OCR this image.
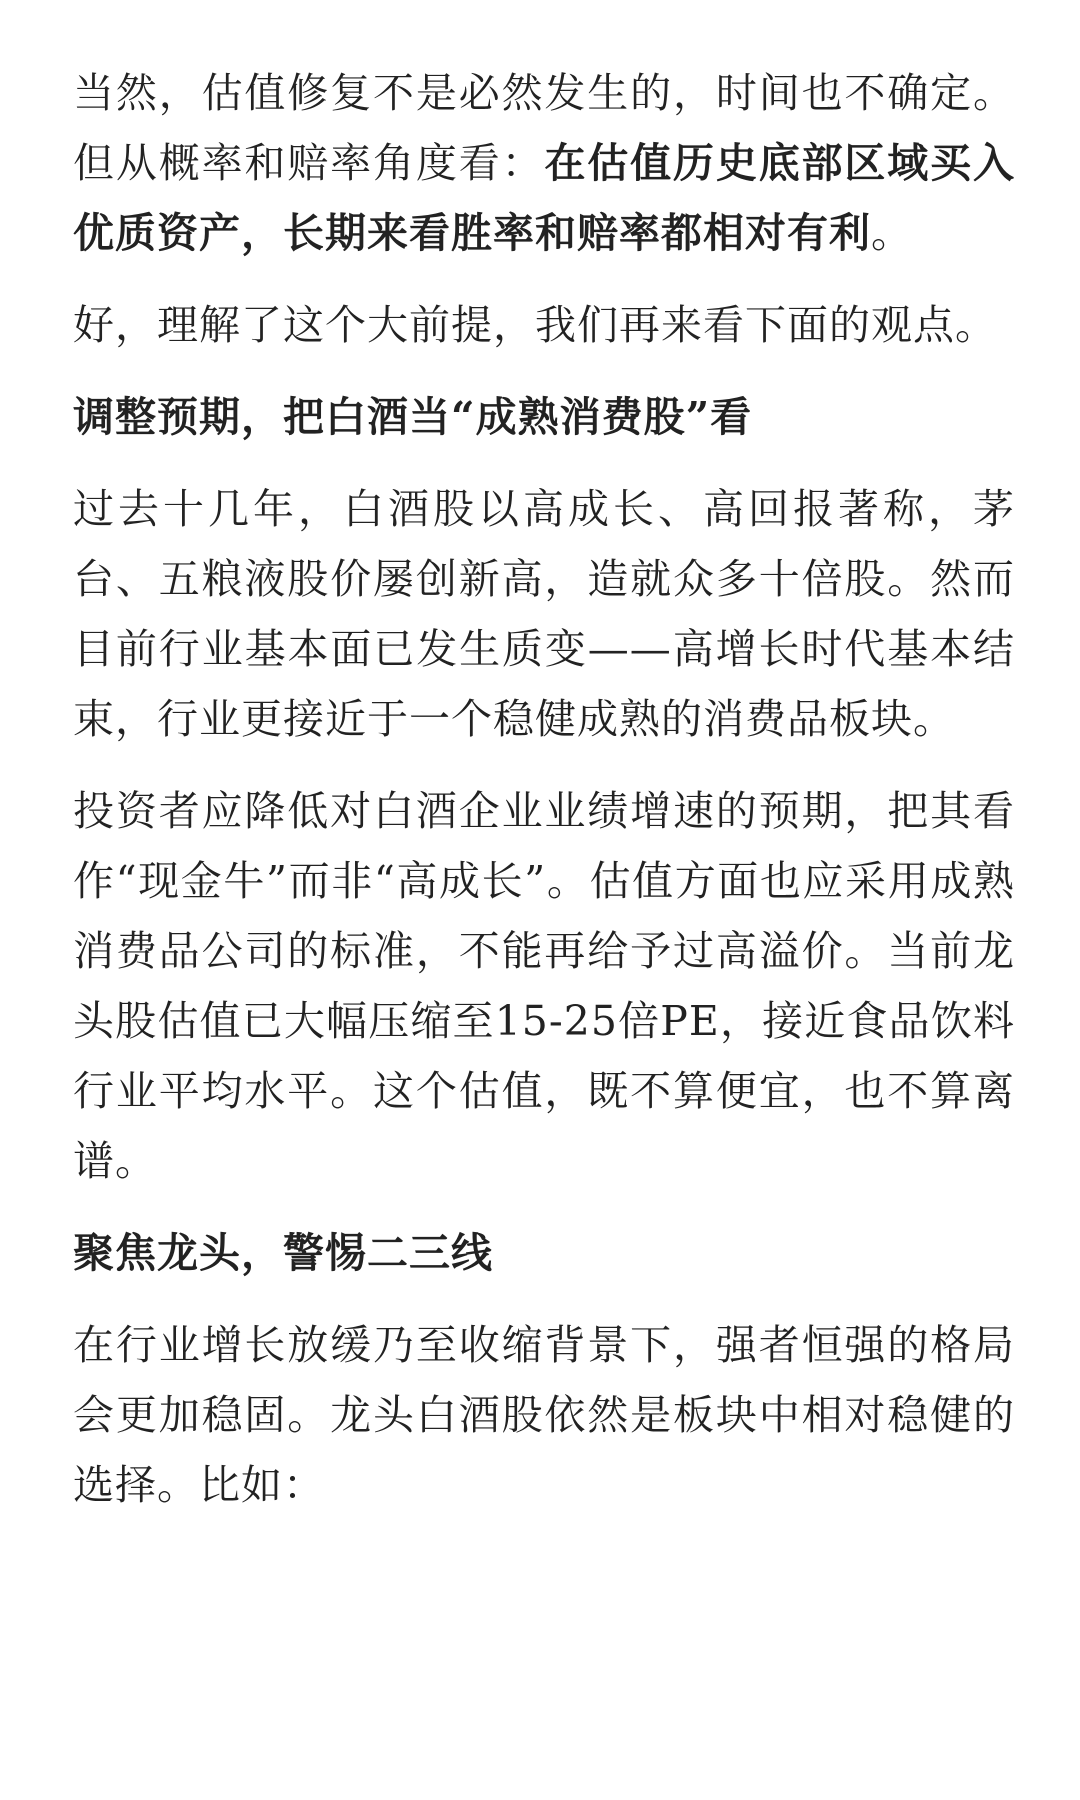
当然，估值修复不是必然发生的，时间也不确定。但从概率和赔率角度看：在估值历史底部区域买入优质资产，长期来看胜率和赔率都相对有利。

好，理解了这个大前提，我们再来看下面的观点。

调整预期，把白酒当“成熟消费股”看

过去十几年，白酒股以高成长、高回报著称，茅台、五粮液股价屡创新高，造就众多十倍股。然而目前行业基本面已发生质变——高增长时代基本结束，行业更接近于一个稳健成熟的消费品板块。

投资者应降低对白酒企业业绩增速的预期，把其看作“现金牛”而非“高成长”。估值方面也应采用成熟消费品公司的标准，不能再给予过高溢价。当前龙头股估值已大幅压缩至15-25倍PE，接近食品饮料行业平均水平。这个估值，既不算便宜，也不算离谱。

聚焦龙头，警惕二三线

在行业增长放缓乃至收缩背景下，强者恒强的格局会更加稳固。龙头白酒股依然是板块中相对稳健的选择。比如：
